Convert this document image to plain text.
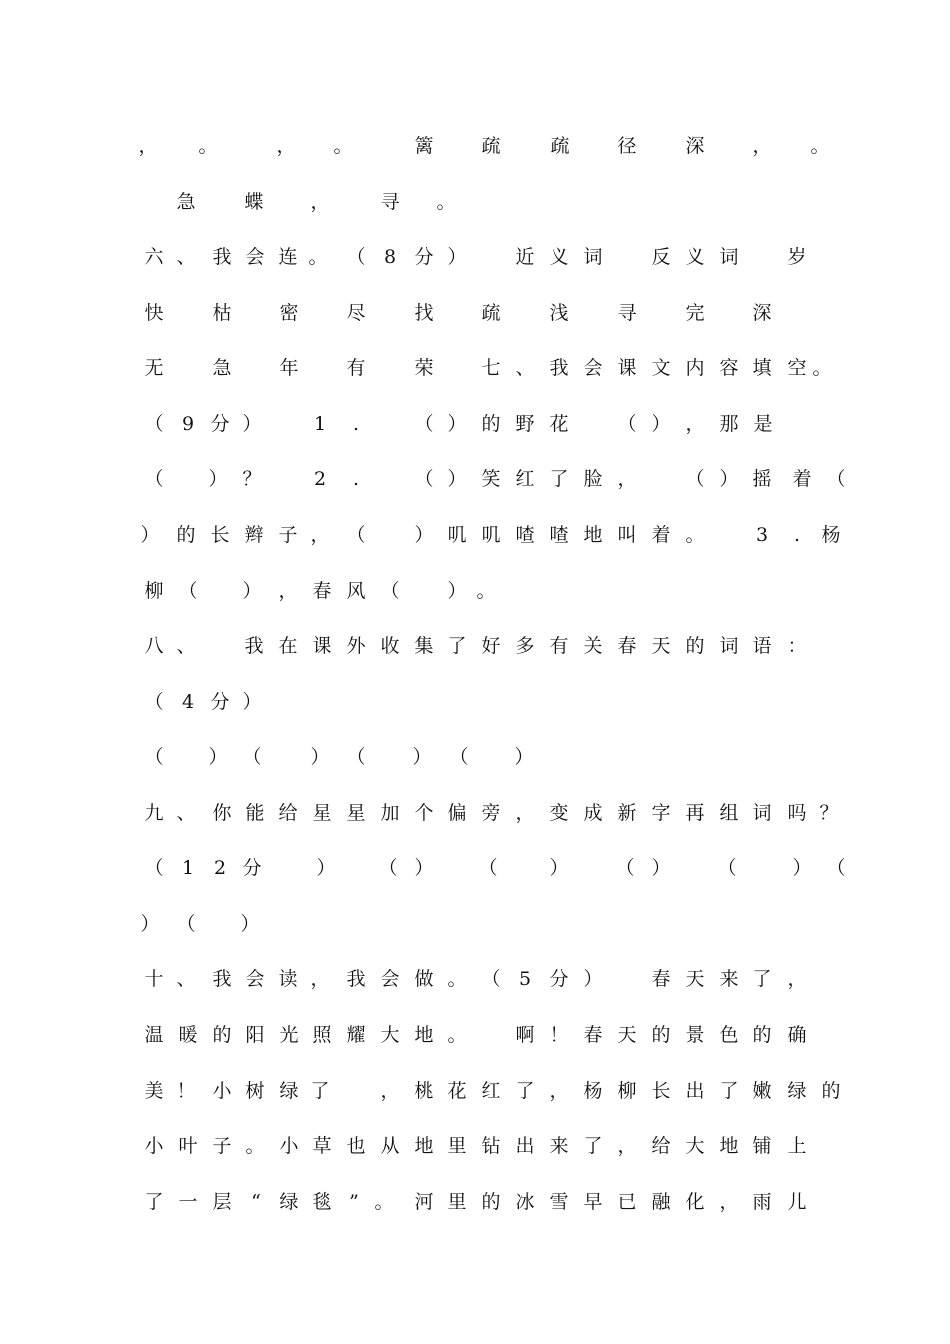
， 。	， 。	篱	疏	疏	径	深	， 。
急	蝶 ，	寻 。
六 、 我 会 连 。 （ 8 分 ）	近 义 词	反 义 词	岁
快	枯	密	尽	找	疏	浅	寻	完	深
无	急	年	有	荣	七 、 我 会 课 文 内 容 填 空 。
（ 9 分 ）	1 .	（ ） 的 野 花	（ ） ， 那 是
（ ） ？	2 .	（ ） 笑 红 了 脸 ，	（ ） 摇 着 （
） 的 长 辫 子 ， （	） 叽 叽 喳 喳 地 叫 着 。	3 . 杨
柳 （ ） ， 春 风 （	） 。
八 、	我 在 课 外 收 集 了 好 多 有 关 春 天 的 词 语 ：
（ 4 分 ）
（ ） （	） （ ） （ ）
九 、 你 能 给 星 星 加 个 偏 旁 ， 变 成 新 字 再 组 词 吗 ？
（ 1 2 分	） （ ） （	） （ ） （	） （
） （ ）
十 、 我 会 读 ， 我 会 做 。 （ 5 分 ）	春 天 来 了 ，
温 暖 的 阳 光 照 耀 大 地 。	啊 ！ 春 天 的 景 色 的 确
美 ！ 小 树 绿 了	， 桃 花 红 了 ， 杨 柳 长 出 了 嫩 绿 的
小 叶 子 。 小 草 也 从 地 里 钻 出 来 了 ， 给 大 地 铺 上
了 一 层 “ 绿 毯 ” 。 河 里 的 冰 雪 早 已 融 化 ， 雨 儿
